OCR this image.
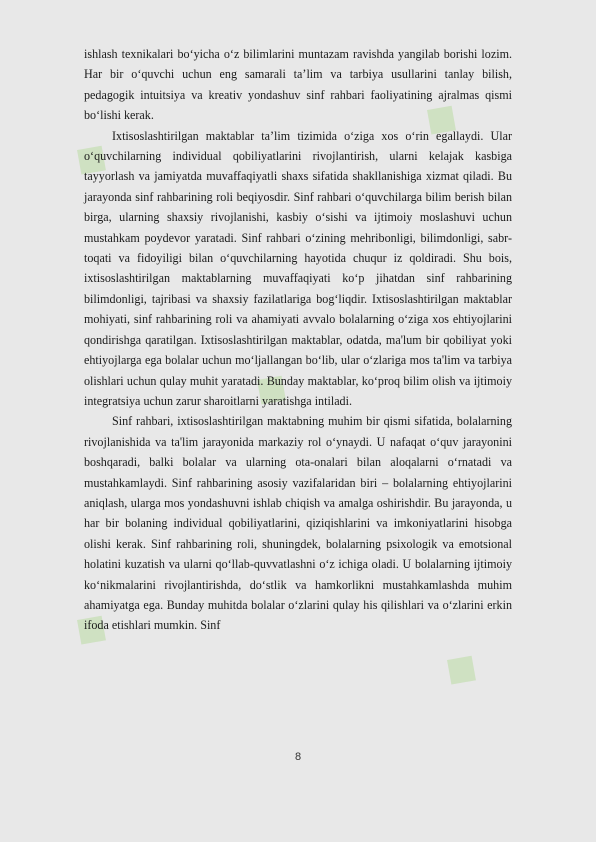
◆
◆
◆
◆
◆

ishlash texnikalari bo‘yicha o‘z bilimlarini muntazam ravishda yangilab borishi lozim. Har bir o‘quvchi uchun eng samarali ta’lim va tarbiya usullarini tanlay bilish, pedagogik intuitsiya va kreativ yondashuv sinf rahbari faoliyatining ajralmas qismi bo‘lishi kerak.

Ixtisoslashtirilgan maktablar ta’lim tizimida o‘ziga xos o‘rin egallaydi. Ular o‘quvchilarning individual qobiliyatlarini rivojlantirish, ularni kelajak kasbiga tayyorlash va jamiyatda muvaffaqiyatli shaxs sifatida shakllanishiga xizmat qiladi. Bu jarayonda sinf rahbarining roli beqiyosdir. Sinf rahbari o‘quvchilarga bilim berish bilan birga, ularning shaxsiy rivojlanishi, kasbiy o‘sishi va ijtimoiy moslashuvi uchun mustahkam poydevor yaratadi. Sinf rahbari o‘zining mehribonligi, bilimdonligi, sabr-toqati va fidoyiligi bilan o‘quvchilarning hayotida chuqur iz qoldiradi. Shu bois, ixtisoslashtirilgan maktablarning muvaffaqiyati ko‘p jihatdan sinf rahbarining bilimdonligi, tajribasi va shaxsiy fazilatlariga bog‘liqdir. Ixtisoslashtirilgan maktablar mohiyati, sinf rahbarining roli va ahamiyati avvalo bolalarning o‘ziga xos ehtiyojlarini qondirishga qaratilgan. Ixtisoslashtirilgan maktablar, odatda, ma'lum bir qobiliyat yoki ehtiyojlarga ega bolalar uchun mo‘ljallangan bo‘lib, ular o‘zlariga mos ta'lim va tarbiya olishlari uchun qulay muhit yaratadi. Bunday maktablar, ko‘proq bilim olish va ijtimoiy integratsiya uchun zarur sharoitlarni yaratishga intiladi.

Sinf rahbari, ixtisoslashtirilgan maktabning muhim bir qismi sifatida, bolalarning rivojlanishida va ta'lim jarayonida markaziy rol o‘ynaydi. U nafaqat o‘quv jarayonini boshqaradi, balki bolalar va ularning ota-onalari bilan aloqalarni o‘rnatadi va mustahkamlaydi. Sinf rahbarining asosiy vazifalaridan biri – bolalarning ehtiyojlarini aniqlash, ularga mos yondashuvni ishlab chiqish va amalga oshirishdir. Bu jarayonda, u har bir bolaning individual qobiliyatlarini, qiziqishlarini va imkoniyatlarini hisobga olishi kerak. Sinf rahbarining roli, shuningdek, bolalarning psixologik va emotsional holatini kuzatish va ularni qo‘llab-quvvatlashni o‘z ichiga oladi. U bolalarning ijtimoiy ko‘nikmalarini rivojlantirishda, do‘stlik va hamkorlikni mustahkamlashda muhim ahamiyatga ega. Bunday muhitda bolalar o‘zlarini qulay his qilishlari va o‘zlarini erkin ifoda etishlari mumkin. Sinf

8
